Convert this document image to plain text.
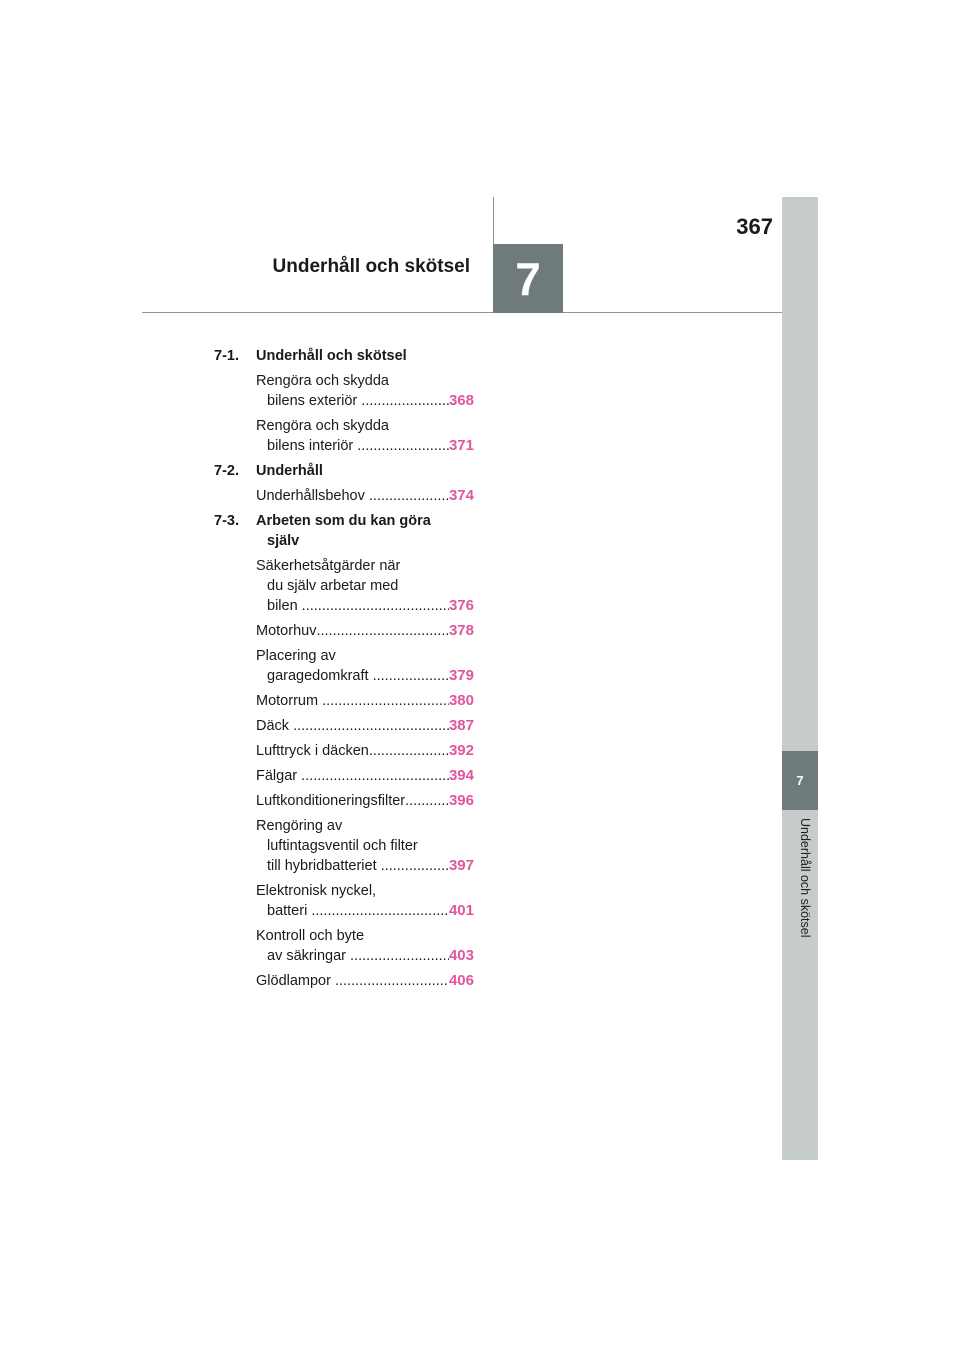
7
Underhåll och skötsel
7
367
Underhåll och skötsel
7-1. Underhåll och skötsel
Rengöra och skydda
bilens exteriör
.....	368
Rengöra och skydda
bilens interiör
.....	371
7-2. Underhåll
Underhållsbehov
.....	374
7-3. Arbeten som du kan göra
själv
Säkerhetsåtgärder när
du själv arbetar med
bilen
.....	376
Motorhuv .....	378
Placering av
garagedomkraft
.....	379
Motorrum
.....	380
Däck
.....	387
Lufttryck i däcken .....	392
Fälgar
.....	394
Luftkonditioneringsfilter .....	396
Rengöring av
luftintagsventil och filter
till hybridbatteriet
.....	397
Elektronisk nyckel,
batteri
.....	401
Kontroll och byte
av säkringar
.....	403
Glödlampor
.....	406
